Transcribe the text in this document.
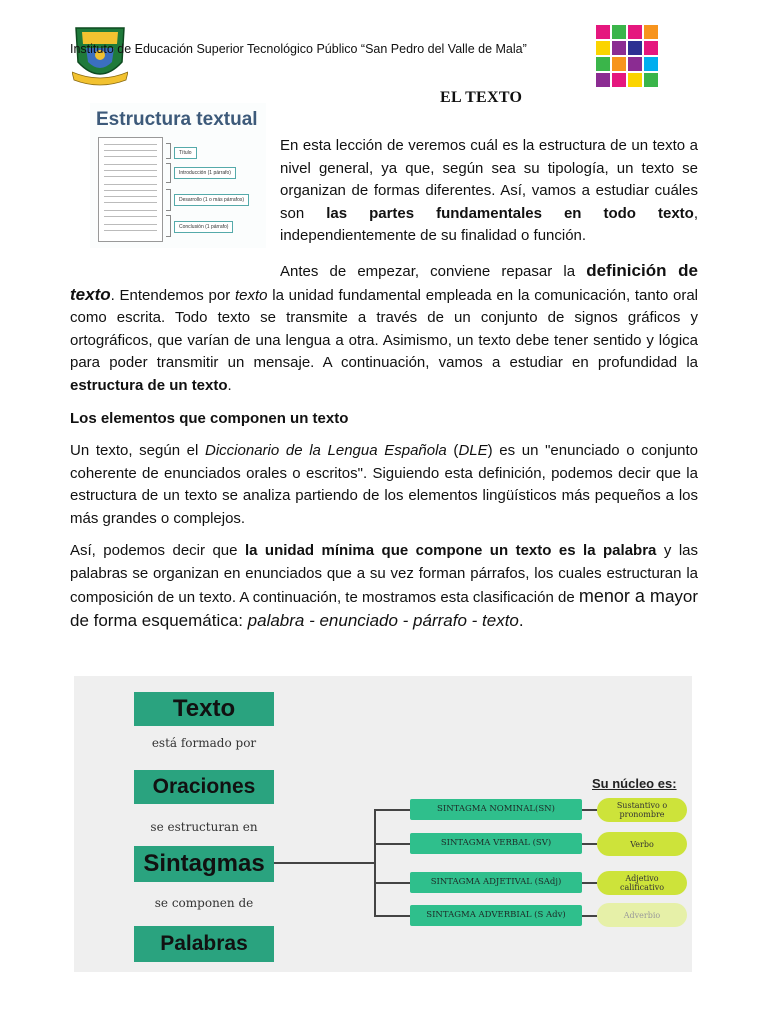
Instituto de Educación Superior Tecnológico Público “San Pedro del Valle de Mala”
EL TEXTO
Estructura textual
Título
Introducción (1 párrafo)
Desarrollo (1 o más párrafos)
Conclusión (1 párrafo)
En esta lección de veremos cuál es la estructura de un texto a nivel general, ya que, según sea su tipología, un texto se organizan de formas diferentes. Así, vamos a estudiar cuáles son las partes fundamentales en todo texto, independientemente de su finalidad o función.
Antes de empezar, conviene repasar la definición de texto. Entendemos por texto la unidad fundamental empleada en la comunicación, tanto oral como escrita. Todo texto se transmite a través de un conjunto de signos gráficos y ortográficos, que varían de una lengua a otra. Asimismo, un texto debe tener sentido y lógica para poder transmitir un mensaje. A continuación, vamos a estudiar en profundidad la estructura de un texto.
Los elementos que componen un texto
Un texto, según el Diccionario de la Lengua Española (DLE) es un "enunciado o conjunto coherente de enunciados orales o escritos". Siguiendo esta definición, podemos decir que la estructura de un texto se analiza partiendo de los elementos lingüísticos más pequeños a los más grandes o complejos.
Así, podemos decir que la unidad mínima que compone un texto es la palabra y las palabras se organizan en enunciados que a su vez forman párrafos, los cuales estructuran la composición de un texto. A continuación, te mostramos esta clasificación de menor a mayor de forma esquemática: palabra - enunciado - párrafo - texto.
Texto
está formado por
Oraciones
se estructuran en
Sintagmas
se componen de
Palabras
Su núcleo es:
SINTAGMA NOMINAL(SN)
SINTAGMA VERBAL (SV)
SINTAGMA ADJETIVAL (SAdj)
SINTAGMA ADVERBIAL (S Adv)
Sustantivo o
pronombre
Verbo
Adjetivo
calificativo
Adverbio
